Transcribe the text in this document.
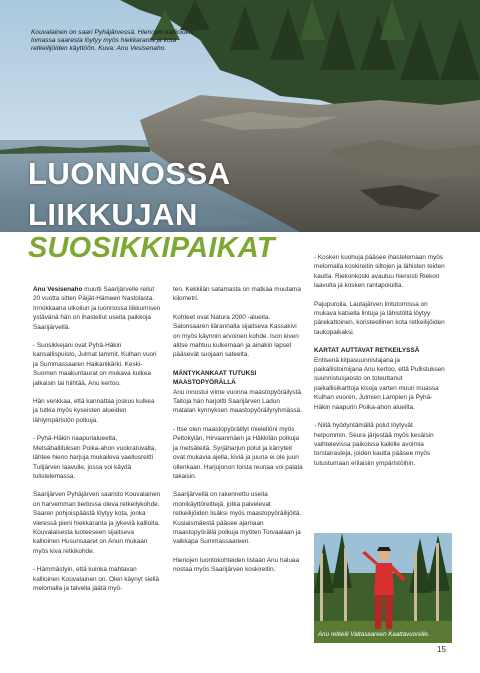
Kouvalainen on saari Pyhäjärvessä. Hienojen kallioiden lomassa saaresta löytyy myös hiekkaranta ja kota retkeilijöiden käyttöön. Kuva: Anu Vesisenaho.
LUONNOSSA
LIIKKUJAN
SUOSIKKIPAIKAT

Anu Vesisenaho muutti Saarijärvelle reilut 20 vuotta sitten Päijät-Hämeen Nastolasta. Innokkaana ulkoilun ja luonnossa liikkumisen ystävänä hän on ihastellut useita paikkoja Saarijärvellä.

- Suosikkejani ovat Pyhä-Häkin kansallispuisto, Julmat lammit, Kulhan vuori ja Summassaaren Haikanlkärki. Keski-Suomen maakuntaurat on mukava kulkea jalkaisin tai hiihtää, Anu kertoo.

Hän venkkaa, että kannattaa joskus kulkea ja tutkia myös kyseisten alueiden lähiympäristön polkuja.

- Pyhä-Häkin naapurialueelta, Metsähallituksen Poika-ahon vuokratuvalta, lähtee hieno harjuja mukaileva vaellusreitti Tulijärven laavulle, jossa voi käydä tulistelemassa.

Saarijärven Pyhäjärven saaristo Kouvalainen on harvemman tiedossa oleva retkeilykohde. Saaren pohjoispäästä löytyy kota, jonka vieressä pieni hiekkaranta ja jykeviä kallioita. Kouvalaisesta luoteeseen sijaitseva kallioinen Husunsaaret on Anun mukaan myös kiva retkikohde.

- Hämmästyin, että kuinka mahtavan kallioinen Kouvalainen on. Olen käynyt siellä melomalla ja talvella jäätä myö-

ten. Kekkilän satamasta on matkaa muutama kilometri.

Kohteet ovat Natura 2000 -alueita. Salonsaaren ilärannalla sijaitseva Kassakivi on myös käynnin arvoinen kohde. Ison kiven alitse mahtuu kulkemaan ja ainakin lapset pääsevät suojaan sateelta.

MÄNTYKANKAAT TUTUKSI MAASTOPYÖRÄLLÄ

Anu innostui viime vuonna maastopyöräilystä. Taitoja hän harjoitti Saarijärven Ladun matalan kynnyksen maastopyöräilyryhmässä.

- Itse olen maastopyöräillyt mielellöni myös Peltokylän, Hirvaanmäen ja Häkkilän polkuja ja metsäteitä. Syrjäharjun polut ja kärryteit ovat mukavia ajella, kiviä ja juuria ei ole juuri ollenkaan. Harjujonon toista reunaa voi palata takaisin.

Saarijärvellä on rakennettu useita monikäyttöreittejä, jotka palvelevat retkeilijöiden lisäksi myös maastopyöräilijöitä. Kusiaismäestä pääsee ajamaan maastopyörällä polkuja myöten Torvaalaan ja vaikkapa Summassaareen.

Hienojen luontokohteiden listaan Anu haluaa nostaa myös Saarijärven koskireitin.

- Kosken kuohuja pääsee ihastelemaan myös melomalla koskireitin siltojen ja lähisten teiden kautta. Riekonkoski avautuu hienosti Riekon laavulta ja kosken rantapoluilta.

Pajupuroila, Lautajärven lintutornissa on mukava katsella lintuja ja lähistöltä löytyy pärekattoinen, koristeellinen kota retkeilijöiden taukopaikaksi.

KARTAT AUTTAVAT RETKEILYSSÄ

Entisenä kilpasuunnistajana ja paikallistoimijana Anu kertoo, että Pullistuksen suunnistusjaosto on toteuttanut paikallisikarttoja kisoja varten muun muassa Kulhan vuoren, Julmien Lampien ja Pyhä-Häkin naapurin Poika-ahon alueilta.

- Niitä hyödyntämällä polut löytyvät helpommin. Seura järjestää myös kesäisin vaihtelevissa paikoissa kaikille avoimia torstairasteja, joiden kautta pääsee myös tutustumaan erilaisiin ympäristöihin.

Anu retkeili Valtasaareen Kaattavuorelle.
15
